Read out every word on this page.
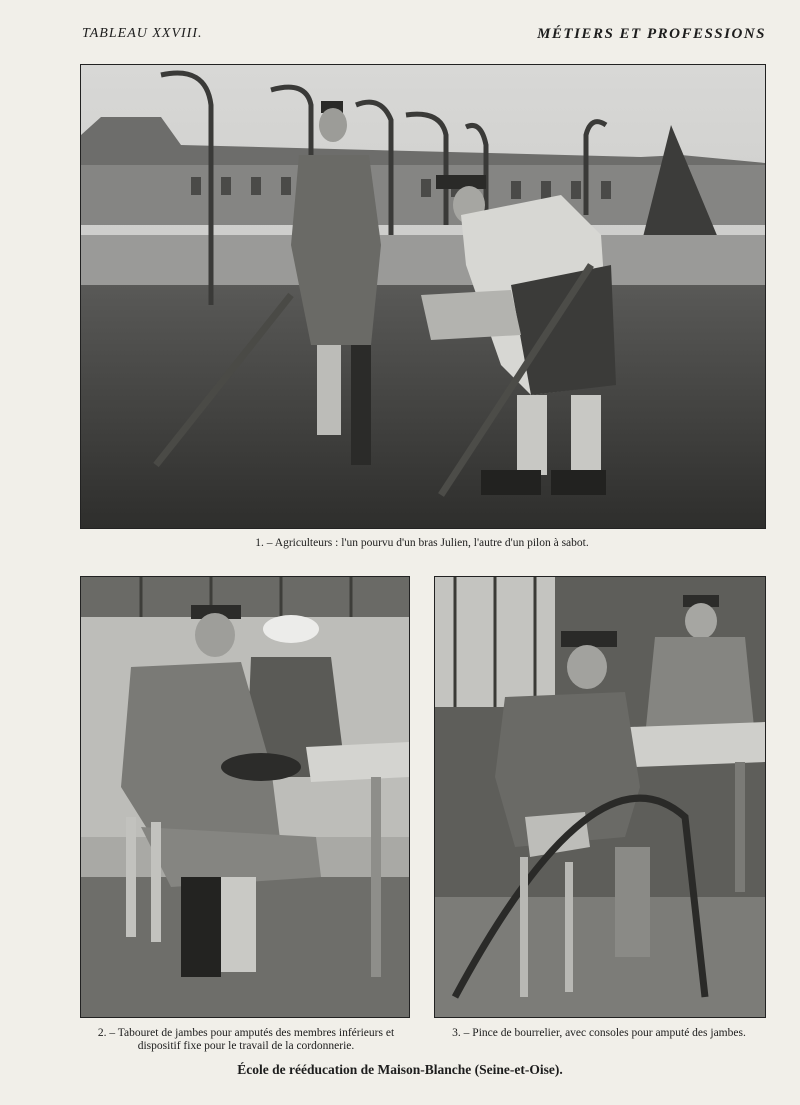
TABLEAU XXVIII.	MÉTIERS ET PROFESSIONS
1. – Agriculteurs : l'un pourvu d'un bras Julien, l'autre d'un pilon à sabot.
2. – Tabouret de jambes pour amputés des membres inférieurs et dispositif fixe pour le travail de la cordonnerie.
3. – Pince de bourrelier, avec consoles pour amputé des jambes.
École de rééducation de Maison-Blanche (Seine-et-Oise).
